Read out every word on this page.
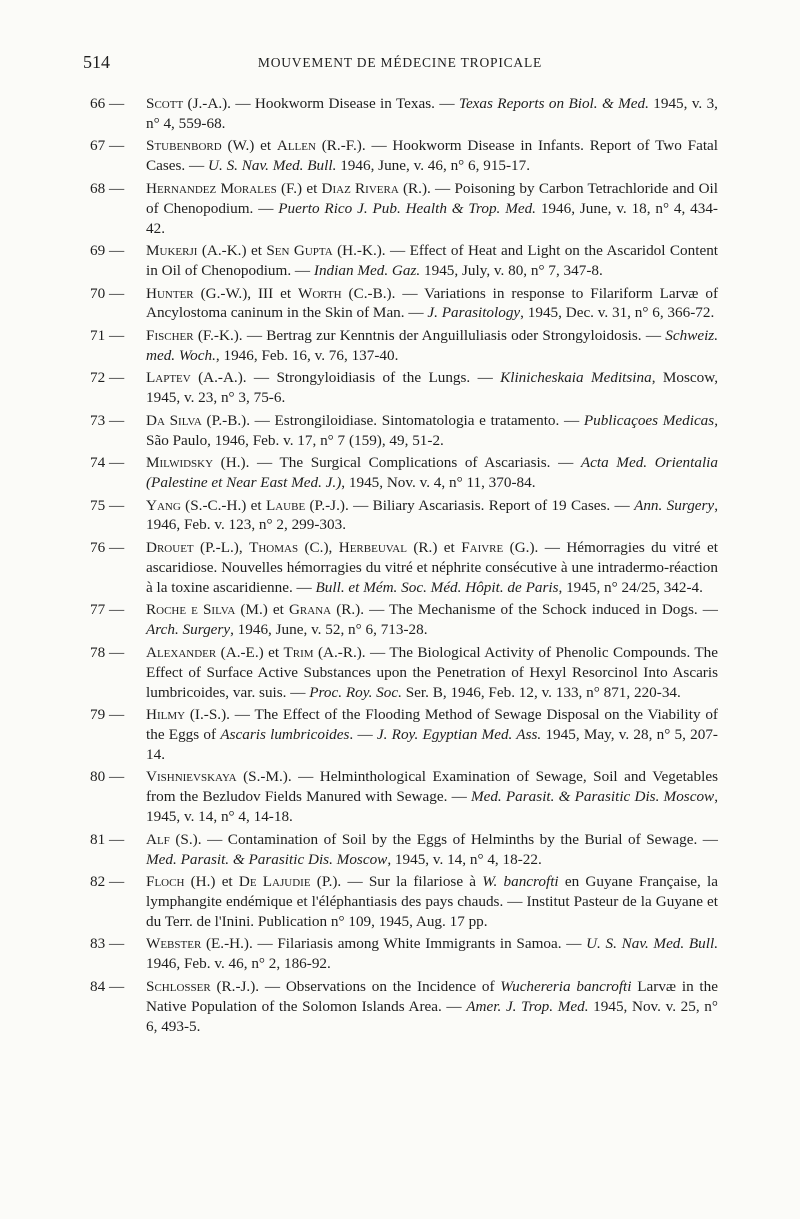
514	MOUVEMENT DE MÉDECINE TROPICALE
66 —	Scott (J.-A.). — Hookworm Disease in Texas. — Texas Reports on Biol. & Med. 1945, v. 3, n° 4, 559-68.
67 —	Stubenbord (W.) et Allen (R.-F.). — Hookworm Disease in Infants. Report of Two Fatal Cases. — U. S. Nav. Med. Bull. 1946, June, v. 46, n° 6, 915-17.
68 —	Hernandez Morales (F.) et Diaz Rivera (R.). — Poisoning by Carbon Tetrachloride and Oil of Chenopodium. — Puerto Rico J. Pub. Health & Trop. Med. 1946, June, v. 18, n° 4, 434-42.
69 —	Mukerji (A.-K.) et Sen Gupta (H.-K.). — Effect of Heat and Light on the Ascaridol Content in Oil of Chenopodium. — Indian Med. Gaz. 1945, July, v. 80, n° 7, 347-8.
70 —	Hunter (G.-W.), III et Worth (C.-B.). — Variations in response to Filariform Larvæ of Ancylostoma caninum in the Skin of Man. — J. Parasitology, 1945, Dec. v. 31, n° 6, 366-72.
71 —	Fischer (F.-K.). — Bertrag zur Kenntnis der Anguilluliasis oder Strongyloidosis. — Schweiz. med. Woch., 1946, Feb. 16, v. 76, 137-40.
72 —	Laptev (A.-A.). — Strongyloidiasis of the Lungs. — Klinicheskaia Meditsina, Moscow, 1945, v. 23, n° 3, 75-6.
73 —	Da Silva (P.-B.). — Estrongiloidiase. Sintomatologia e tratamento. — Publicaçoes Medicas, São Paulo, 1946, Feb. v. 17, n° 7 (159), 49, 51-2.
74 —	Milwidsky (H.). — The Surgical Complications of Ascariasis. — Acta Med. Orientalia (Palestine et Near East Med. J.), 1945, Nov. v. 4, n° 11, 370-84.
75 —	Yang (S.-C.-H.) et Laube (P.-J.). — Biliary Ascariasis. Report of 19 Cases. — Ann. Surgery, 1946, Feb. v. 123, n° 2, 299-303.
76 —	Drouet (P.-L.), Thomas (C.), Herbeuval (R.) et Faivre (G.). — Hémorragies du vitré et ascaridiose. Nouvelles hémorragies du vitré et néphrite consécutive à une intradermo-réaction à la toxine ascaridienne. — Bull. et Mém. Soc. Méd. Hôpit. de Paris, 1945, n° 24/25, 342-4.
77 —	Roche e Silva (M.) et Grana (R.). — The Mechanisme of the Schock induced in Dogs. — Arch. Surgery, 1946, June, v. 52, n° 6, 713-28.
78 —	Alexander (A.-E.) et Trim (A.-R.). — The Biological Activity of Phenolic Compounds. The Effect of Surface Active Substances upon the Penetration of Hexyl Resorcinol Into Ascaris lumbricoides, var. suis. — Proc. Roy. Soc. Ser. B, 1946, Feb. 12, v. 133, n° 871, 220-34.
79 —	Hilmy (I.-S.). — The Effect of the Flooding Method of Sewage Disposal on the Viability of the Eggs of Ascaris lumbricoides. — J. Roy. Egyptian Med. Ass. 1945, May, v. 28, n° 5, 207-14.
80 —	Vishnievskaya (S.-M.). — Helminthological Examination of Sewage, Soil and Vegetables from the Bezludov Fields Manured with Sewage. — Med. Parasit. & Parasitic Dis. Moscow, 1945, v. 14, n° 4, 14-18.
81 —	Alf (S.). — Contamination of Soil by the Eggs of Helminths by the Burial of Sewage. — Med. Parasit. & Parasitic Dis. Moscow, 1945, v. 14, n° 4, 18-22.
82 —	Floch (H.) et De Lajudie (P.). — Sur la filariose à W. bancrofti en Guyane Française, la lymphangite endémique et l'éléphantiasis des pays chauds. — Institut Pasteur de la Guyane et du Terr. de l'Inini. Publication n° 109, 1945, Aug. 17 pp.
83 —	Webster (E.-H.). — Filariasis among White Immigrants in Samoa. — U. S. Nav. Med. Bull. 1946, Feb. v. 46, n° 2, 186-92.
84 —	Schlosser (R.-J.). — Observations on the Incidence of Wuchereria bancrofti Larvæ in the Native Population of the Solomon Islands Area. — Amer. J. Trop. Med. 1945, Nov. v. 25, n° 6, 493-5.
